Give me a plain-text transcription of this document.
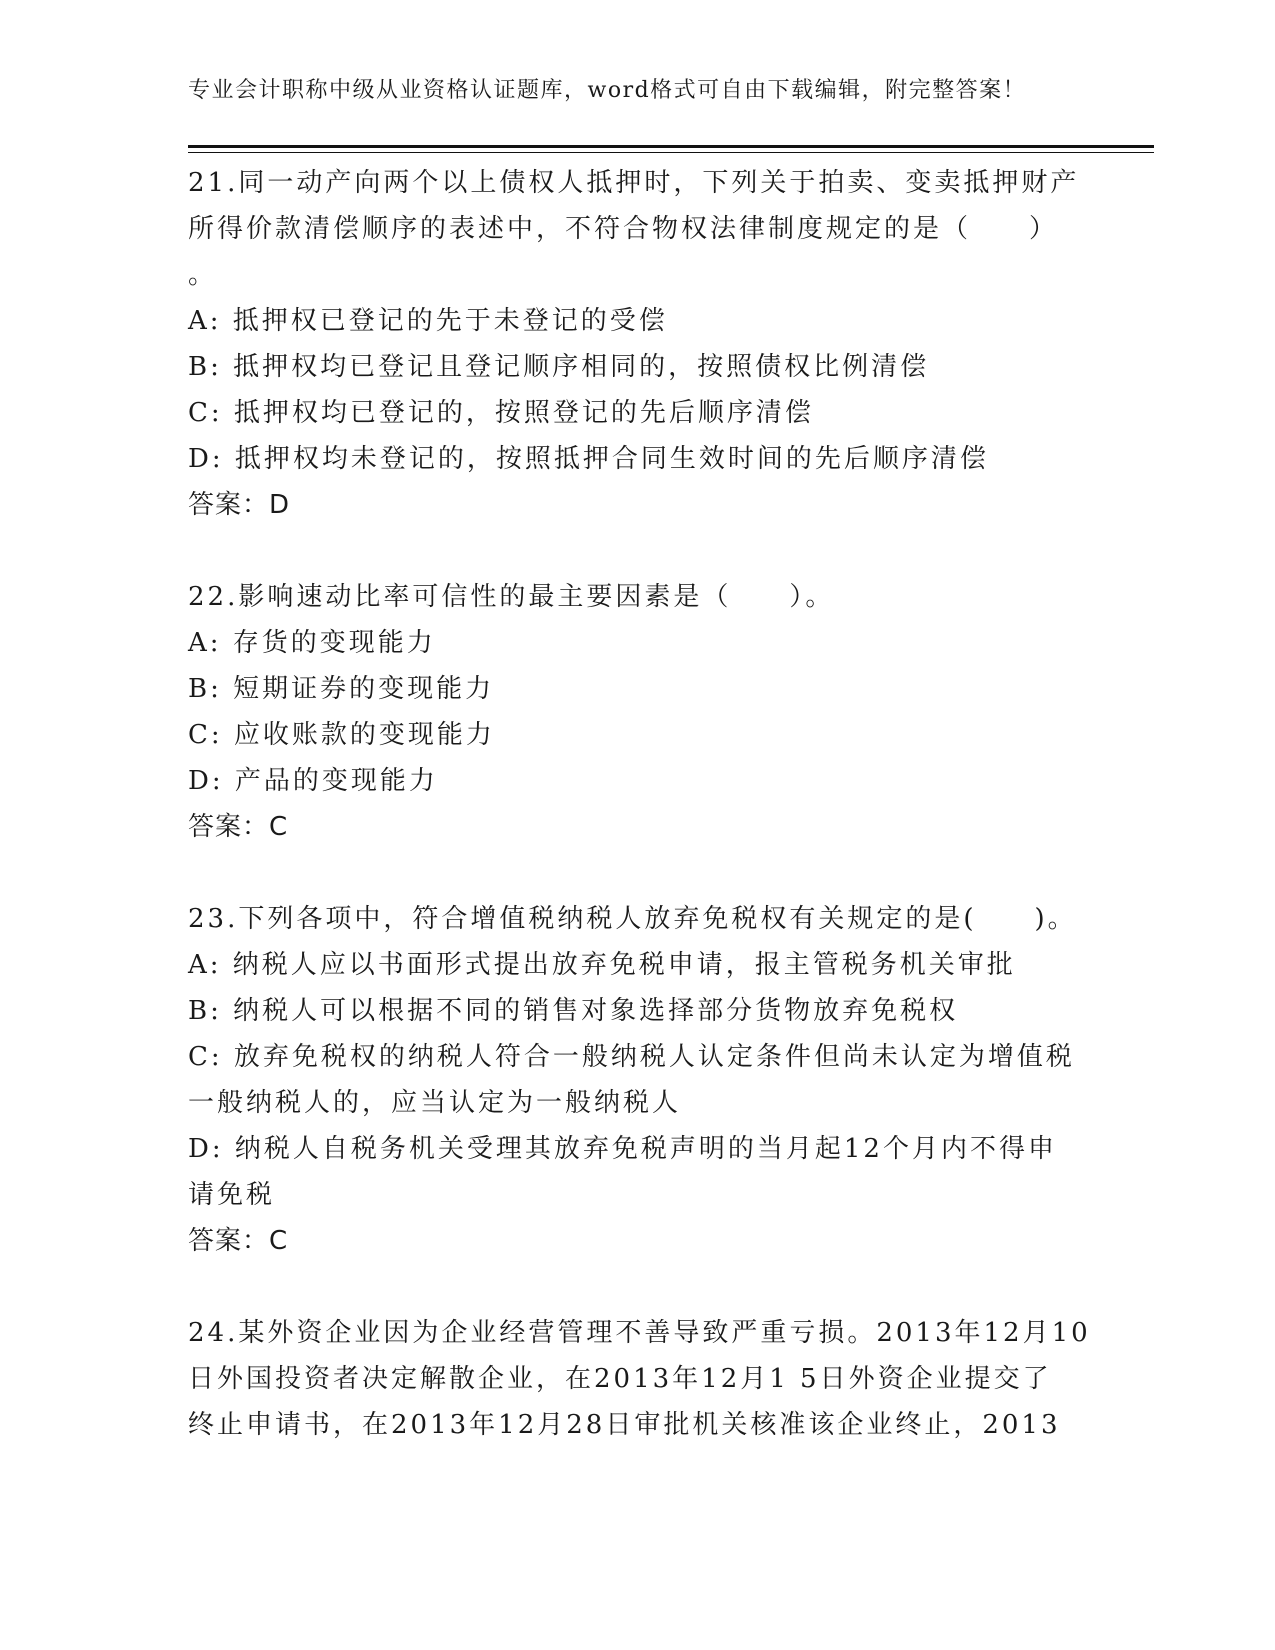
专业会计职称中级从业资格认证题库，word格式可自由下载编辑，附完整答案！
21.同一动产向两个以上债权人抵押时，下列关于拍卖、变卖抵押财产
所得价款清偿顺序的表述中，不符合物权法律制度规定的是（　　）
。
A: 抵押权已登记的先于未登记的受偿
B: 抵押权均已登记且登记顺序相同的，按照债权比例清偿
C: 抵押权均已登记的，按照登记的先后顺序清偿
D: 抵押权均未登记的，按照抵押合同生效时间的先后顺序清偿
答案：D
22.影响速动比率可信性的最主要因素是（　　）。
A: 存货的变现能力
B: 短期证券的变现能力
C: 应收账款的变现能力
D: 产品的变现能力
答案：C
23.下列各项中，符合增值税纳税人放弃免税权有关规定的是(　　)。
A: 纳税人应以书面形式提出放弃免税申请，报主管税务机关审批
B: 纳税人可以根据不同的销售对象选择部分货物放弃免税权
C: 放弃免税权的纳税人符合一般纳税人认定条件但尚未认定为增值税
一般纳税人的，应当认定为一般纳税人
D: 纳税人自税务机关受理其放弃免税声明的当月起12个月内不得申
请免税
答案：C
24.某外资企业因为企业经营管理不善导致严重亏损。2013年12月10
日外国投资者决定解散企业，在2013年12月1 5日外资企业提交了
终止申请书，在2013年12月28日审批机关核准该企业终止，2013
